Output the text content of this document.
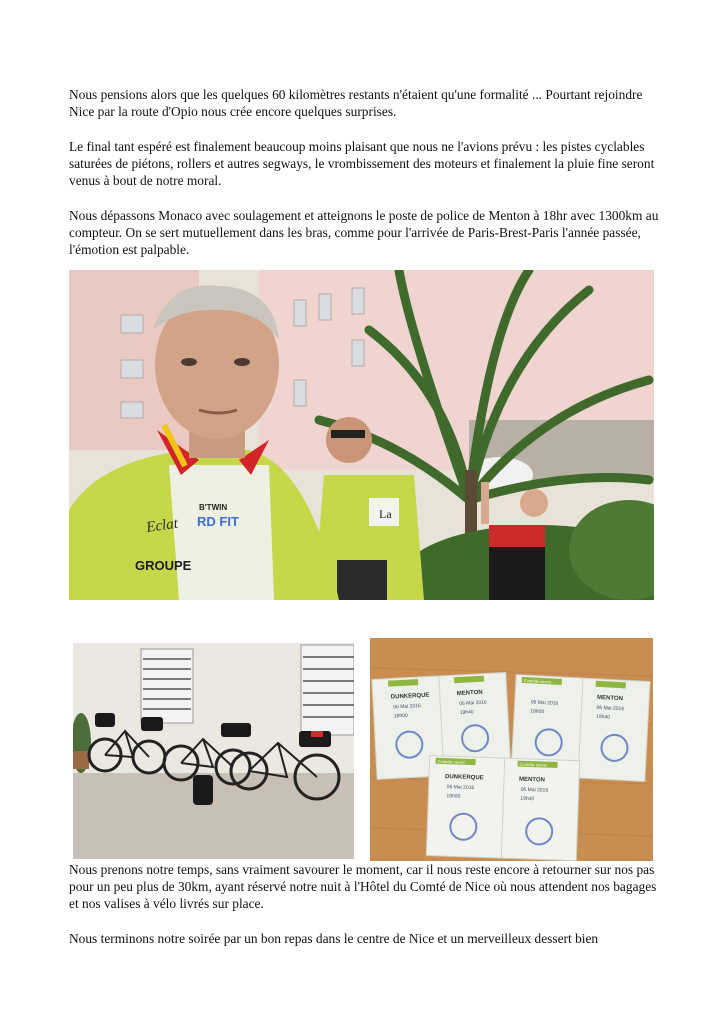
Nous pensions alors que les quelques 60 kilomètres restants n'étaient qu'une formalité ... Pourtant rejoindre Nice par la route d'Opio nous crée encore quelques surprises.

Le final tant espéré est finalement beaucoup moins plaisant que nous ne l'avions prévu : les pistes cyclables saturées de piétons, rollers et autres segways, le vrombissement des moteurs et finalement la pluie fine seront venus à bout de notre moral.

Nous dépassons Monaco avec soulagement et atteignons le poste de police de Menton à 18hr avec 1300km au compteur. On se sert mutuellement dans les bras, comme pour l'arrivée de Paris-Brest-Paris l'année passée, l'émotion est palpable.

La
Eclat RD FIT
GROUPE
B'TWIN
DUNKERQUE	MENTON
06 Mai 2016
18h00
06 Mai 2016
19h40
Contrôle secret
MENTON
06 Mai 2016
18h00	06 Mai 2016
19h40
Contrôle secret	Contrôle secret
DUNKERQUE	MENTON
06 Mai 2016
18h00
06 Mai 2016
19h40

Nous prenons notre temps, sans vraiment savourer le moment, car il nous reste encore à retourner sur nos pas pour un peu plus de 30km, ayant réservé notre nuit à l'Hôtel du Comté de Nice où nous attendent nos bagages et nos valises à vélo livrés sur place.

Nous terminons notre soirée par un bon repas dans le centre de Nice et un merveilleux dessert bien
